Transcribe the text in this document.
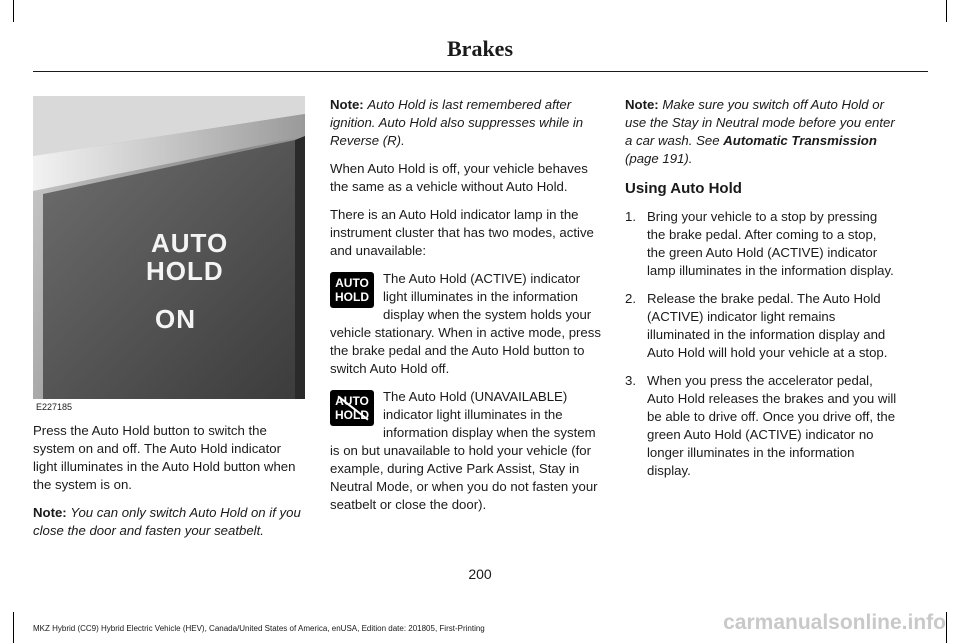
Brakes
AUTO
HOLD
ON
E227185

Press the Auto Hold button to switch the system on and off. The Auto Hold indicator light illuminates in the Auto Hold button when the system is on.

Note: You can only switch Auto Hold on if you close the door and fasten your seatbelt.

Note: Auto Hold is last remembered after ignition. Auto Hold also suppresses while in Reverse (R).

When Auto Hold is off, your vehicle behaves the same as a vehicle without Auto Hold.

There is an Auto Hold indicator lamp in the instrument cluster that has two modes, active and unavailable:

AUTO
HOLD
The Auto Hold (ACTIVE) indicator light illuminates in the information display when the system holds your vehicle stationary. When in active mode, press the brake pedal and the Auto Hold button to switch Auto Hold off.
AUTO
HOLD
The Auto Hold (UNAVAILABLE) indicator light illuminates in the information display when the system is on but unavailable to hold your vehicle (for example, during Active Park Assist, Stay in Neutral Mode, or when you do not fasten your seatbelt or close the door).

Note: Make sure you switch off Auto Hold or use the Stay in Neutral mode before you enter a car wash. See Automatic Transmission (page 191).

Using Auto Hold
1. Bring your vehicle to a stop by pressing the brake pedal. After coming to a stop, the green Auto Hold (ACTIVE) indicator lamp illuminates in the information display.
2. Release the brake pedal. The Auto Hold (ACTIVE) indicator light remains illuminated in the information display and Auto Hold will hold your vehicle at a stop.
3. When you press the accelerator pedal, Auto Hold releases the brakes and you will be able to drive off. Once you drive off, the green Auto Hold (ACTIVE) indicator no longer illuminates in the information display.
200
MKZ Hybrid (CC9) Hybrid Electric Vehicle (HEV), Canada/United States of America, enUSA, Edition date: 201805, First-Printing	carmanualsonline.info
